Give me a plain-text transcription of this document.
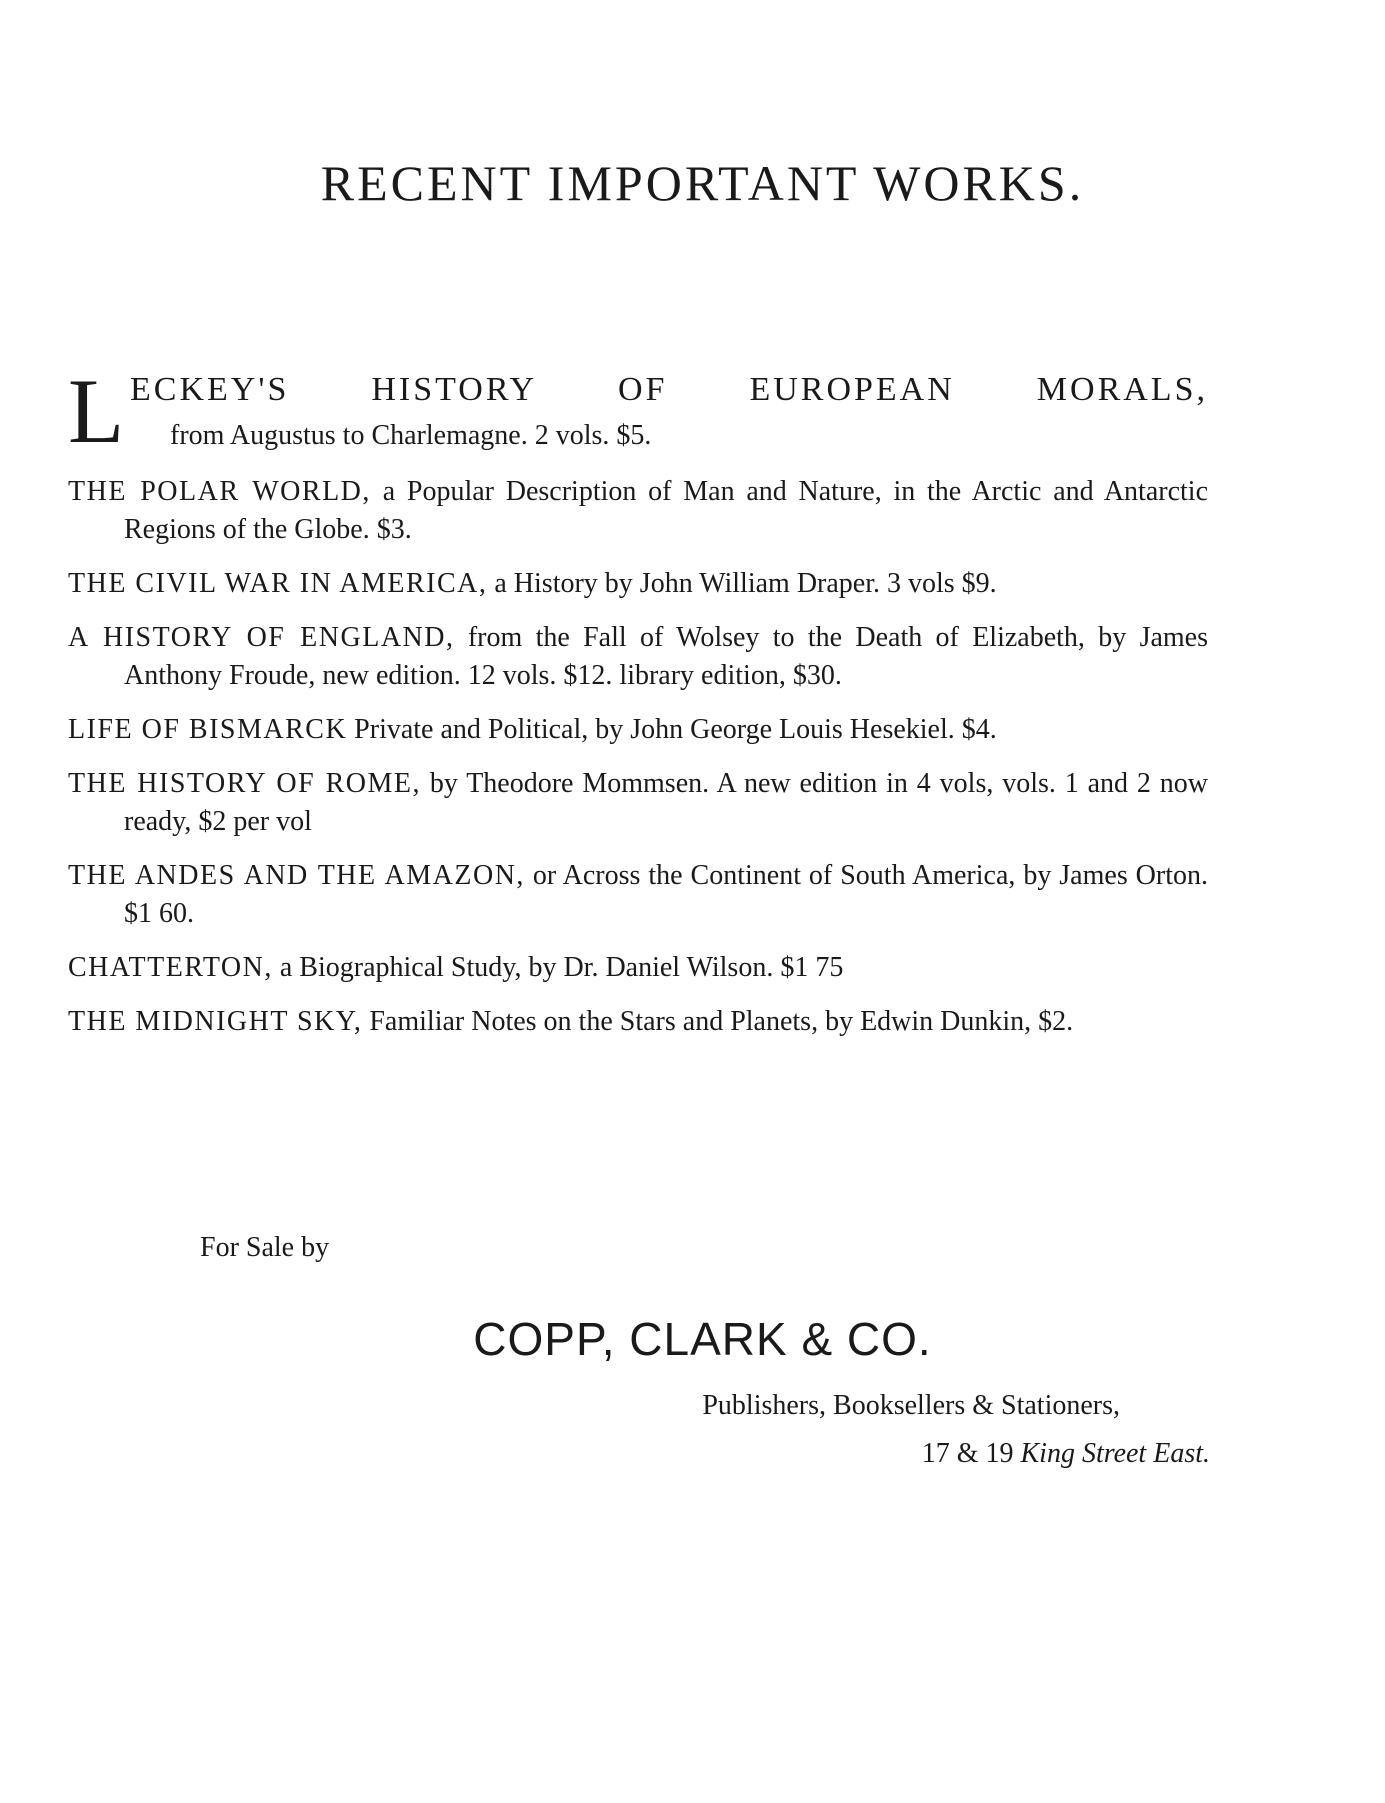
RECENT IMPORTANT WORKS.
L ECKEY'S HISTORY OF EUROPEAN MORALS,
from Augustus to Charlemagne. 2 vols. $5.
THE POLAR WORLD, a Popular Description of Man and Nature, in the Arctic and Antarctic Regions of the Globe. $3.
THE CIVIL WAR IN AMERICA, a History by John William Draper. 3 vols $9.
A HISTORY OF ENGLAND, from the Fall of Wolsey to the Death of Elizabeth, by James Anthony Froude, new edition. 12 vols. $12. library edition, $30.
LIFE OF BISMARCK Private and Political, by John George Louis Hesekiel. $4.
THE HISTORY OF ROME, by Theodore Mommsen. A new edition in 4 vols, vols. 1 and 2 now ready, $2 per vol
THE ANDES AND THE AMAZON, or Across the Continent of South America, by James Orton. $1 60.
CHATTERTON, a Biographical Study, by Dr. Daniel Wilson. $1 75
THE MIDNIGHT SKY, Familiar Notes on the Stars and Planets, by Edwin Dunkin, $2.
For Sale by
COPP, CLARK & CO.
Publishers, Booksellers & Stationers,
17 & 19 King Street East.
